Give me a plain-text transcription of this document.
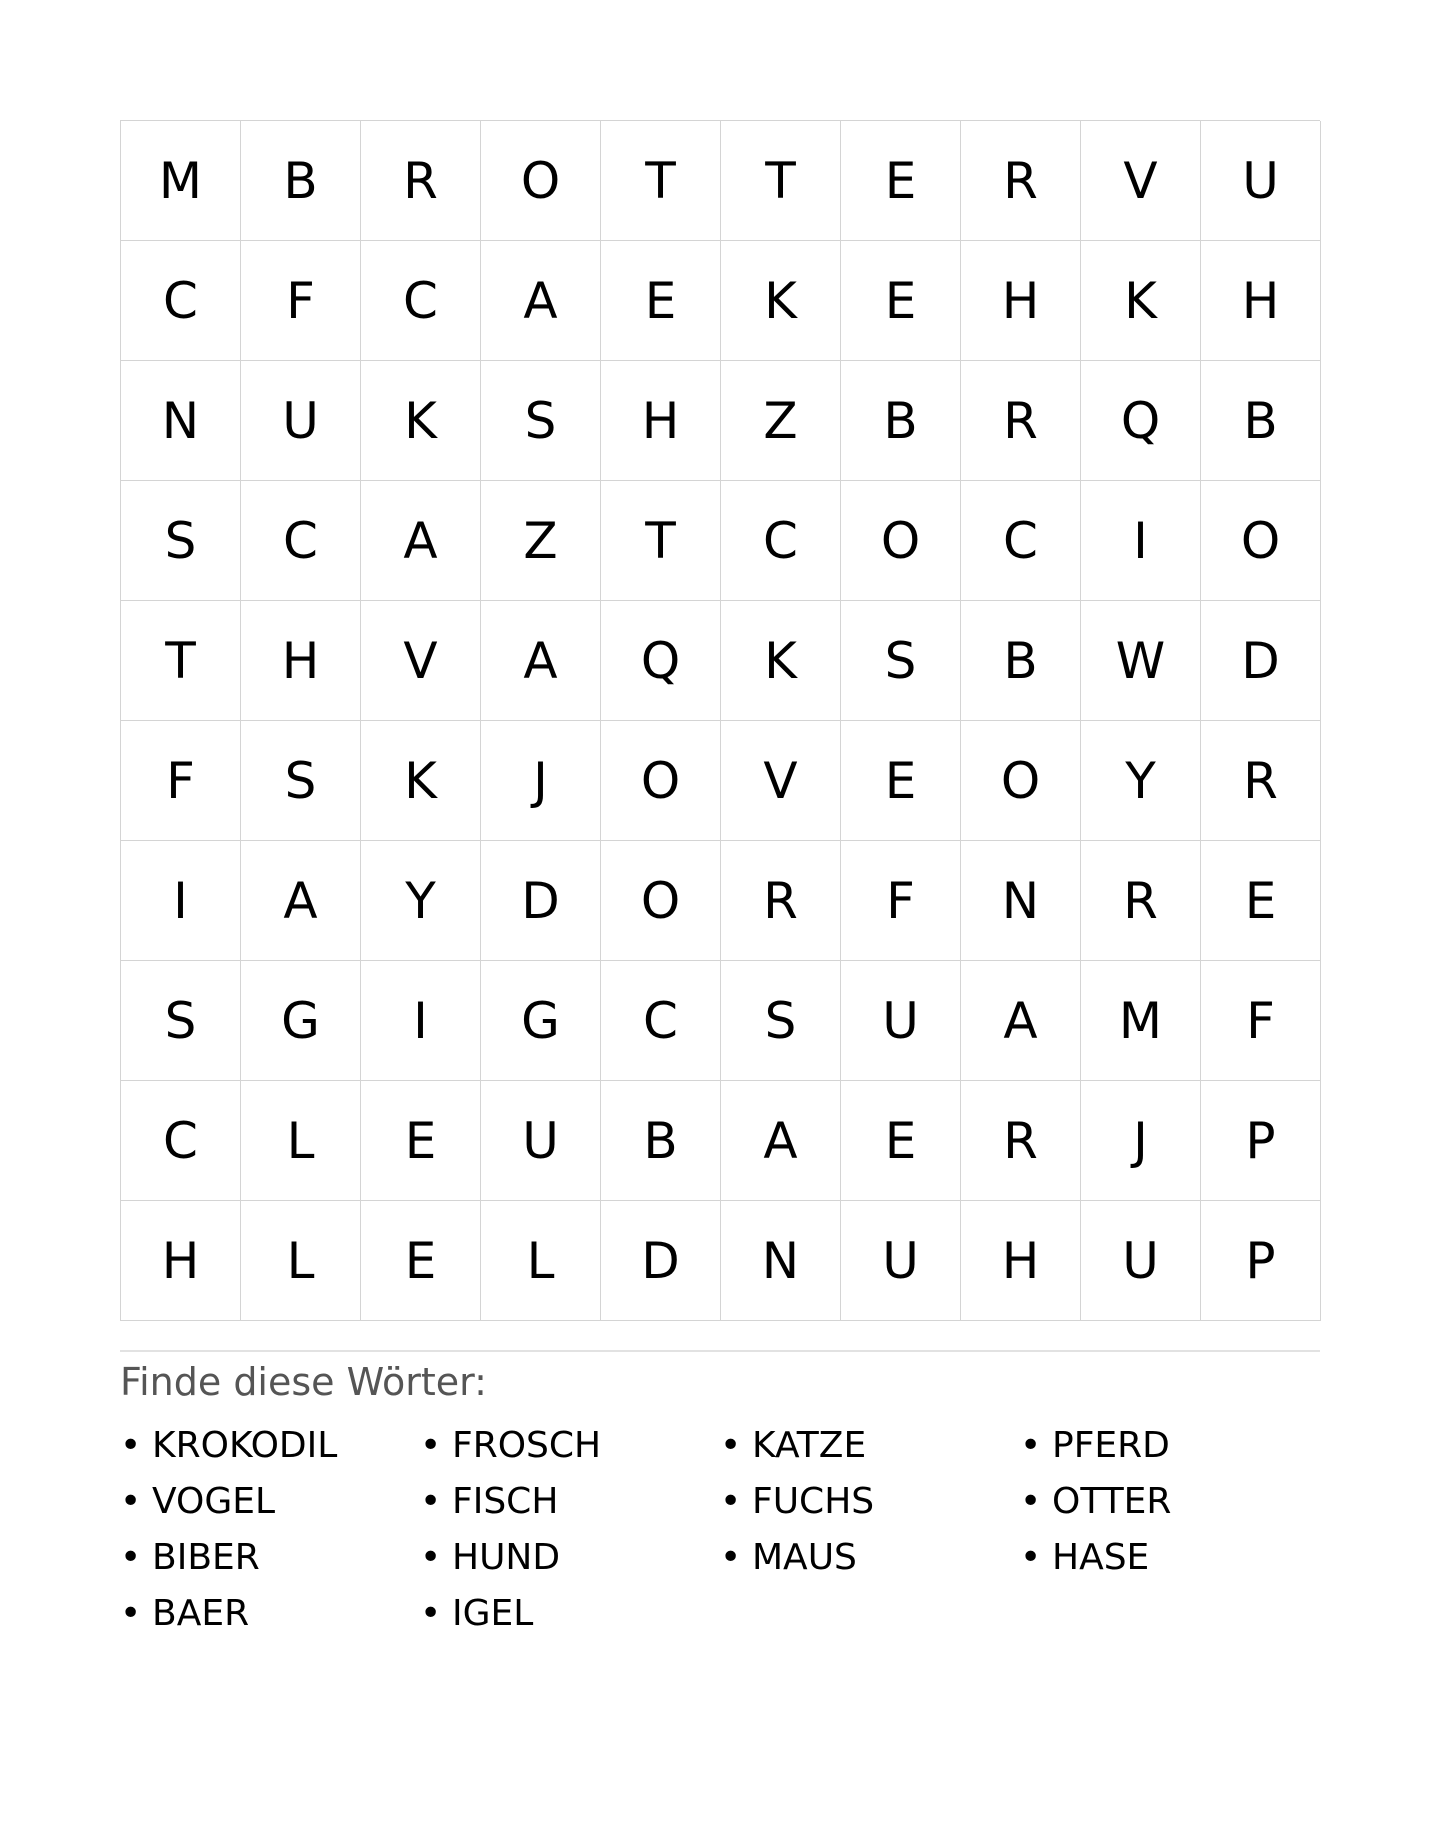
M	B	R	O	T	T	E	R	V	U
C	F	C	A	E	K	E	H	K	H
N	U	K	S	H	Z	B	R	Q	B
S	C	A	Z	T	C	O	C	I	O
T	H	V	A	Q	K	S	B	W	D
F	S	K	J	O	V	E	O	Y	R
I	A	Y	D	O	R	F	N	R	E
S	G	I	G	C	S	U	A	M	F
C	L	E	U	B	A	E	R	J	P
H	L	E	L	D	N	U	H	U	P
Finde diese Wörter:
• KROKODIL	• FROSCH	• KATZE	• PFERD
• VOGEL	• FISCH	• FUCHS	• OTTER
• BIBER	• HUND	• MAUS	• HASE
• BAER	• IGEL
